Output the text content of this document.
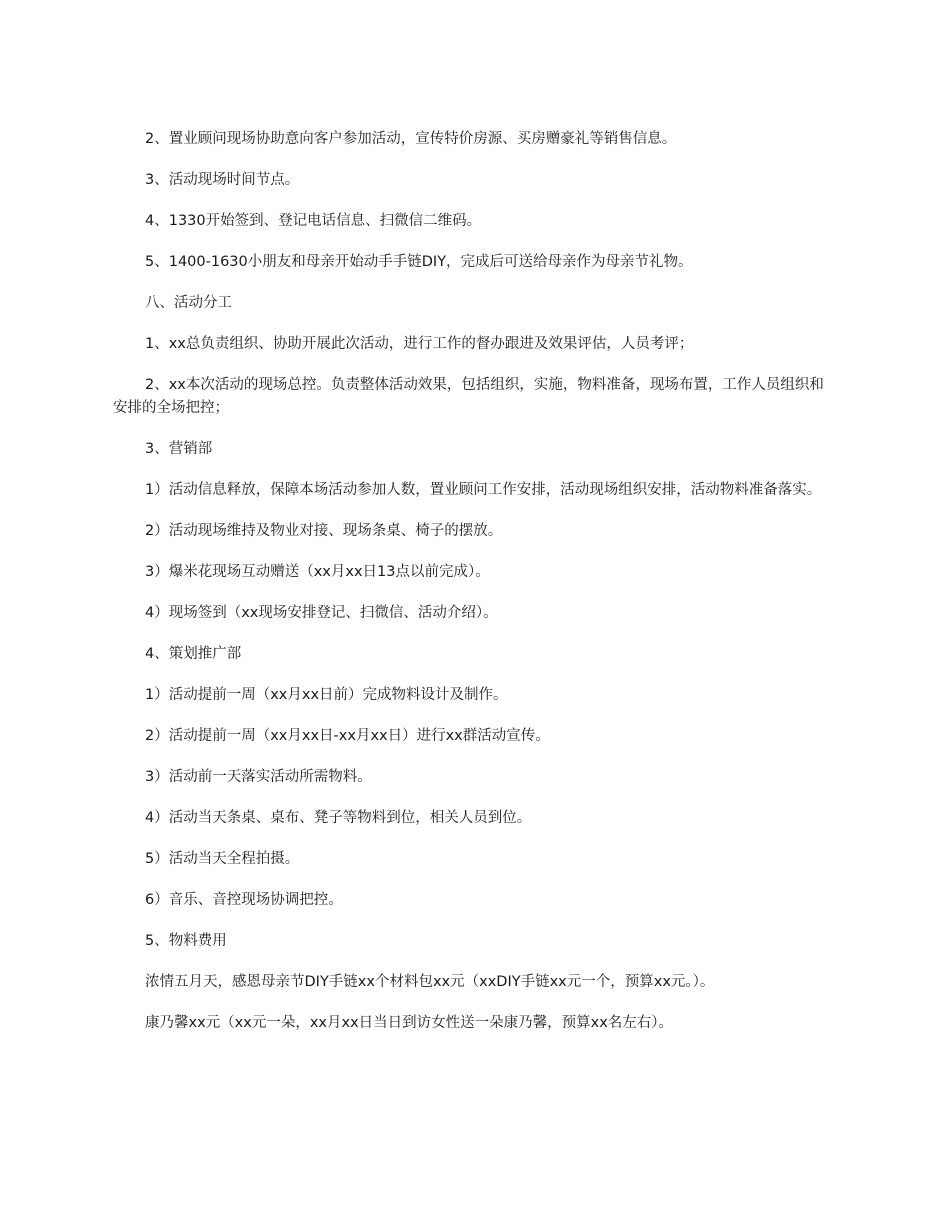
2、置业顾问现场协助意向客户参加活动，宣传特价房源、买房赠豪礼等销售信息。

3、活动现场时间节点。

4、1330开始签到、登记电话信息、扫微信二维码。

5、1400-1630小朋友和母亲开始动手手链DIY，完成后可送给母亲作为母亲节礼物。

八、活动分工

1、xx总负责组织、协助开展此次活动，进行工作的督办跟进及效果评估，人员考评；

2、xx本次活动的现场总控。负责整体活动效果，包括组织，实施，物料准备，现场布置，工作人员组织和安排的全场把控；

3、营销部

1）活动信息释放，保障本场活动参加人数，置业顾问工作安排，活动现场组织安排，活动物料准备落实。

2）活动现场维持及物业对接、现场条桌、椅子的摆放。

3）爆米花现场互动赠送（xx月xx日13点以前完成）。

4）现场签到（xx现场安排登记、扫微信、活动介绍）。

4、策划推广部

1）活动提前一周（xx月xx日前）完成物料设计及制作。

2）活动提前一周（xx月xx日-xx月xx日）进行xx群活动宣传。

3）活动前一天落实活动所需物料。

4）活动当天条桌、桌布、凳子等物料到位，相关人员到位。

5）活动当天全程拍摄。

6）音乐、音控现场协调把控。

5、物料费用

浓情五月天，感恩母亲节DIY手链xx个材料包xx元（xxDIY手链xx元一个，预算xx元。）。

康乃馨xx元（xx元一朵，xx月xx日当日到访女性送一朵康乃馨，预算xx名左右）。
